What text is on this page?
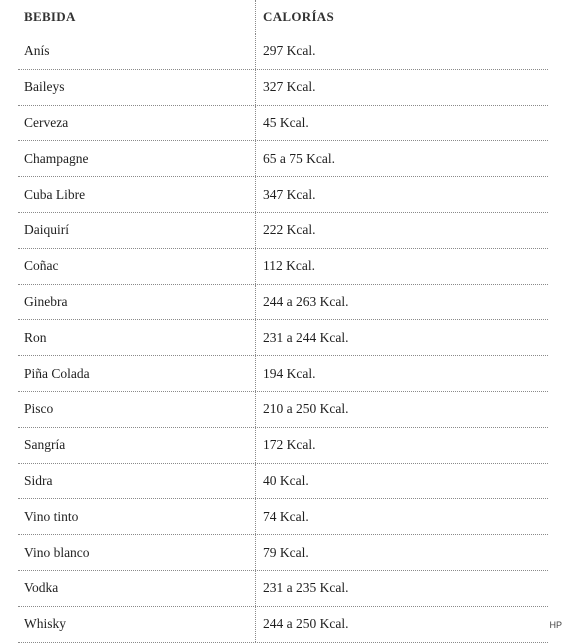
BEBIDA	CALORÍAS
Anís	297 Kcal.
Baileys	327 Kcal.
Cerveza	45 Kcal.
Champagne	65 a 75 Kcal.
Cuba Libre	347 Kcal.
Daiquirí	222 Kcal.
Coñac	112 Kcal.
Ginebra	244 a 263 Kcal.
Ron	231 a 244 Kcal.
Piña Colada	194 Kcal.
Pisco	210 a 250 Kcal.
Sangría	172 Kcal.
Sidra	40 Kcal.
Vino tinto	74 Kcal.
Vino blanco	79 Kcal.
Vodka	231 a 235 Kcal.
Whisky	244 a 250 Kcal.	HP
